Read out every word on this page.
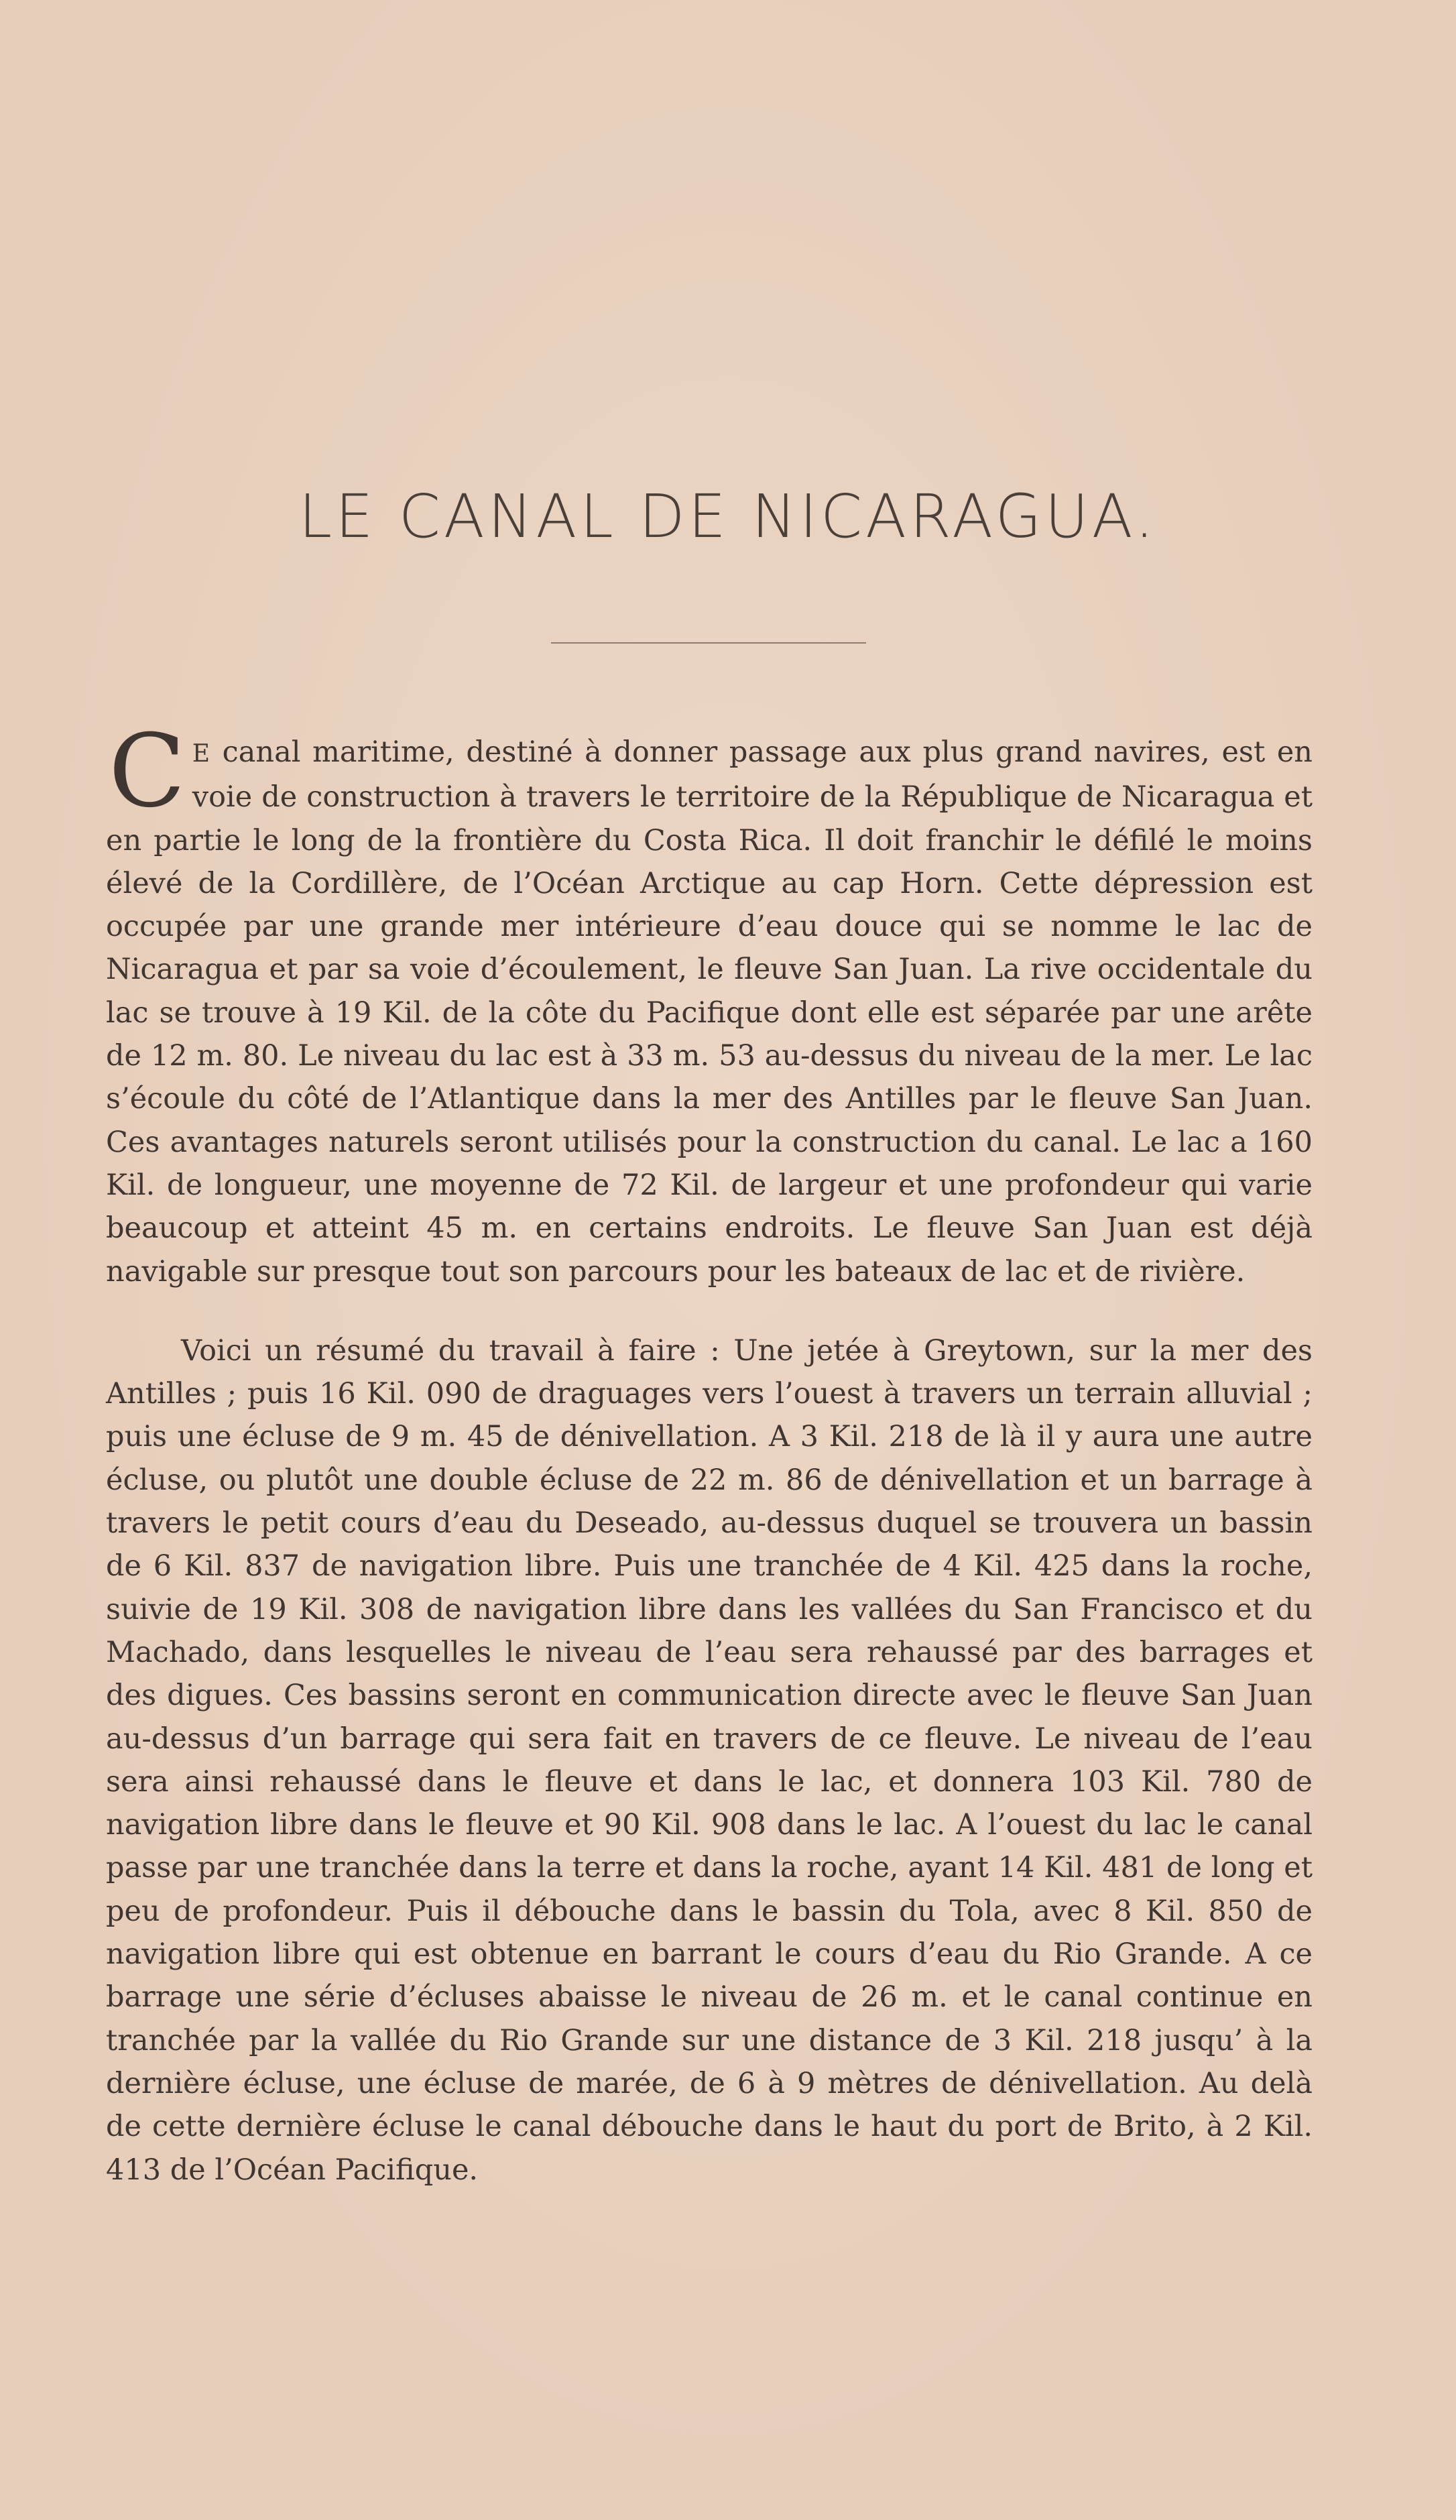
LE CANAL DE NICARAGUA.

C E canal maritime, destiné à donner passage aux plus grand navires, est en voie de construction à travers le territoire de la République de Nicaragua et en partie le long de la frontière du Costa Rica. Il doit franchir le défilé le moins élevé de la Cordillère, de l’Océan Arctique au cap Horn. Cette dépression est occupée par une grande mer intérieure d’eau douce qui se nomme le lac de Nicaragua et par sa voie d’écoulement, le fleuve San Juan. La rive occidentale du lac se trouve à 19 Kil. de la côte du Pacifique dont elle est séparée par une arête de 12 m. 80. Le niveau du lac est à 33 m. 53 au-dessus du niveau de la mer. Le lac s’écoule du côté de l’Atlantique dans la mer des Antilles par le fleuve San Juan. Ces avantages naturels seront utilisés pour la construction du canal. Le lac a 160 Kil. de longueur, une moyenne de 72 Kil. de largeur et une profondeur qui varie beaucoup et atteint 45 m. en certains endroits. Le fleuve San Juan est déjà navigable sur presque tout son parcours pour les bateaux de lac et de rivière.

Voici un résumé du travail à faire : Une jetée à Greytown, sur la mer des Antilles ; puis 16 Kil. 090 de draguages vers l’ouest à travers un terrain alluvial ; puis une écluse de 9 m. 45 de dénivellation. A 3 Kil. 218 de là il y aura une autre écluse, ou plutôt une double écluse de 22 m. 86 de dénivellation et un barrage à travers le petit cours d’eau du Deseado, au-dessus duquel se trouvera un bassin de 6 Kil. 837 de navigation libre. Puis une tranchée de 4 Kil. 425 dans la roche, suivie de 19 Kil. 308 de navigation libre dans les vallées du San Francisco et du Machado, dans lesquelles le niveau de l’eau sera rehaussé par des barrages et des digues. Ces bassins seront en communication directe avec le fleuve San Juan au-dessus d’un barrage qui sera fait en travers de ce fleuve. Le niveau de l’eau sera ainsi rehaussé dans le fleuve et dans le lac, et donnera 103 Kil. 780 de navigation libre dans le fleuve et 90 Kil. 908 dans le lac. A l’ouest du lac le canal passe par une tranchée dans la terre et dans la roche, ayant 14 Kil. 481 de long et peu de profondeur. Puis il débouche dans le bassin du Tola, avec 8 Kil. 850 de navigation libre qui est obtenue en barrant le cours d’eau du Rio Grande. A ce barrage une série d’écluses abaisse le niveau de 26 m. et le canal continue en tranchée par la vallée du Rio Grande sur une distance de 3 Kil. 218 jusqu’ à la dernière écluse, une écluse de marée, de 6 à 9 mètres de dénivellation. Au delà de cette dernière écluse le canal débouche dans le haut du port de Brito, à 2 Kil. 413 de l’Océan Pacifique.
